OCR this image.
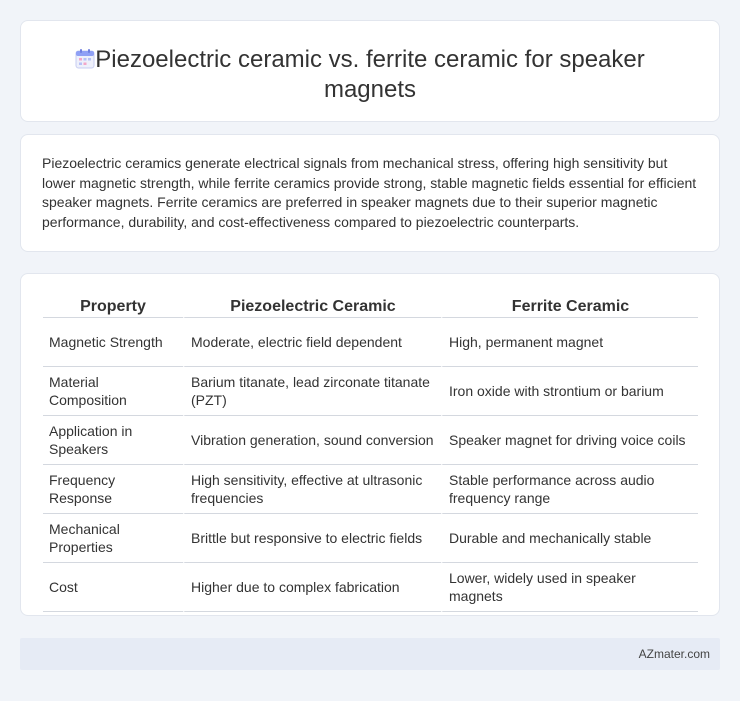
Piezoelectric ceramic vs. ferrite ceramic for speaker magnets

Piezoelectric ceramics generate electrical signals from mechanical stress, offering high sensitivity but lower magnetic strength, while ferrite ceramics provide strong, stable magnetic fields essential for efficient speaker magnets. Ferrite ceramics are preferred in speaker magnets due to their superior magnetic performance, durability, and cost-effectiveness compared to piezoelectric counterparts.

Property	Piezoelectric Ceramic	Ferrite Ceramic
Magnetic Strength	Moderate, electric field dependent	High, permanent magnet
Material Composition	Barium titanate, lead zirconate titanate (PZT)	Iron oxide with strontium or barium
Application in Speakers	Vibration generation, sound conversion	Speaker magnet for driving voice coils
Frequency Response	High sensitivity, effective at ultrasonic frequencies	Stable performance across audio frequency range
Mechanical Properties	Brittle but responsive to electric fields	Durable and mechanically stable
Cost	Higher due to complex fabrication	Lower, widely used in speaker magnets
AZmater.com
